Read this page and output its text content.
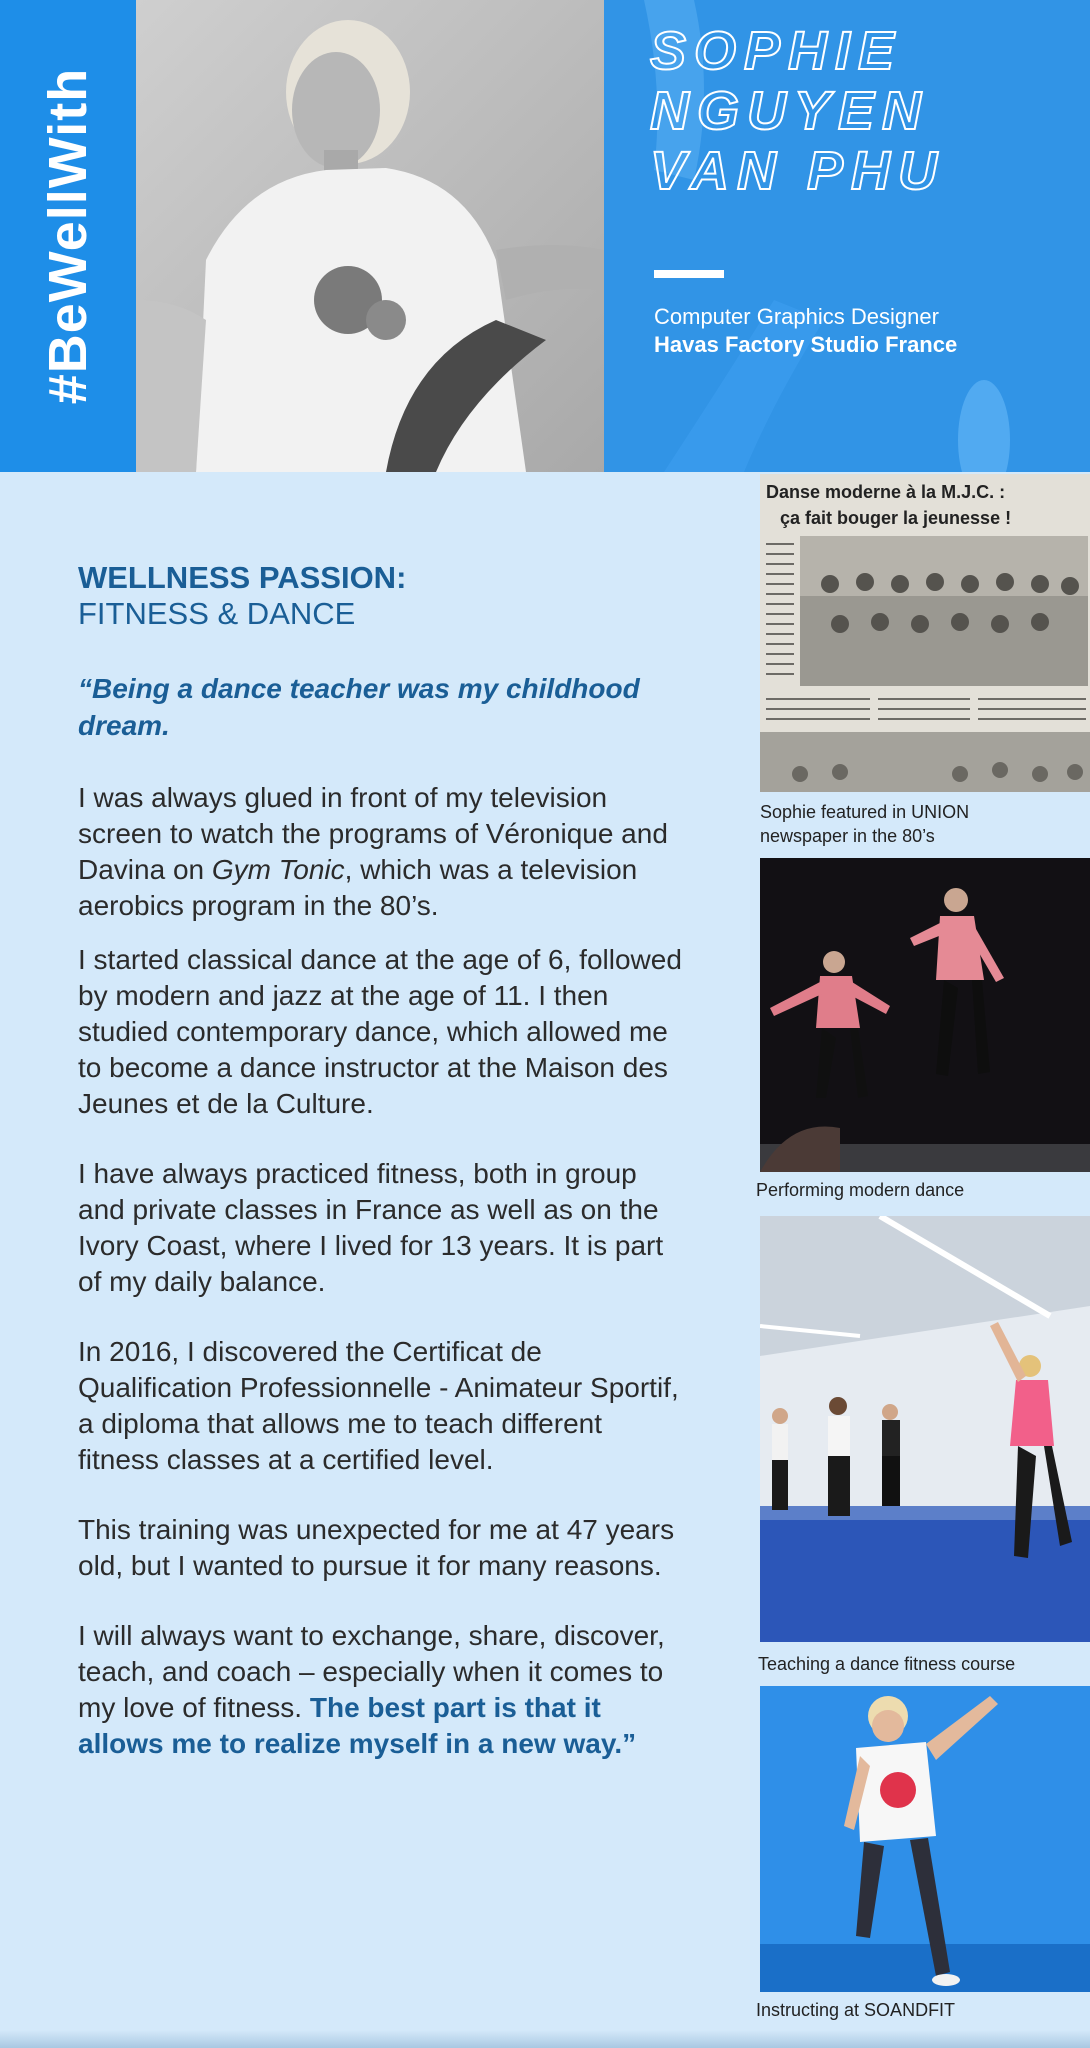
#BeWellWith
SOPHIE
NGUYEN
VAN PHU
Computer Graphics Designer
Havas Factory Studio France

WELLNESS PASSION:

FITNESS & DANCE

“Being a dance teacher was my childhood dream.

I was always glued in front of my television screen to watch the programs of Véronique and Davina on Gym Tonic, which was a television aerobics program in the 80’s.

I started classical dance at the age of 6, followed by modern and jazz at the age of 11. I then studied contemporary dance, which allowed me to become a dance instructor at the Maison des Jeunes et de la Culture.

I have always practiced fitness, both in group and private classes in France as well as on the Ivory Coast, where I lived for 13 years. It is part of my daily balance.

In 2016, I discovered the Certificat de Qualification Professionnelle - Animateur Sportif, a diploma that allows me to teach different fitness classes at a certified level.

This training was unexpected for me at 47 years old, but I wanted to pursue it for many reasons.

I will always want to exchange, share, discover, teach, and coach – especially when it comes to my love of fitness. The best part is that it allows me to realize myself in a new way.”

Danse moderne à la M.J.C. :
ça fait bouger la jeunesse !
Sophie featured in UNION
newspaper in the 80’s
Performing modern dance
Teaching a dance fitness course
Instructing at SOANDFIT
